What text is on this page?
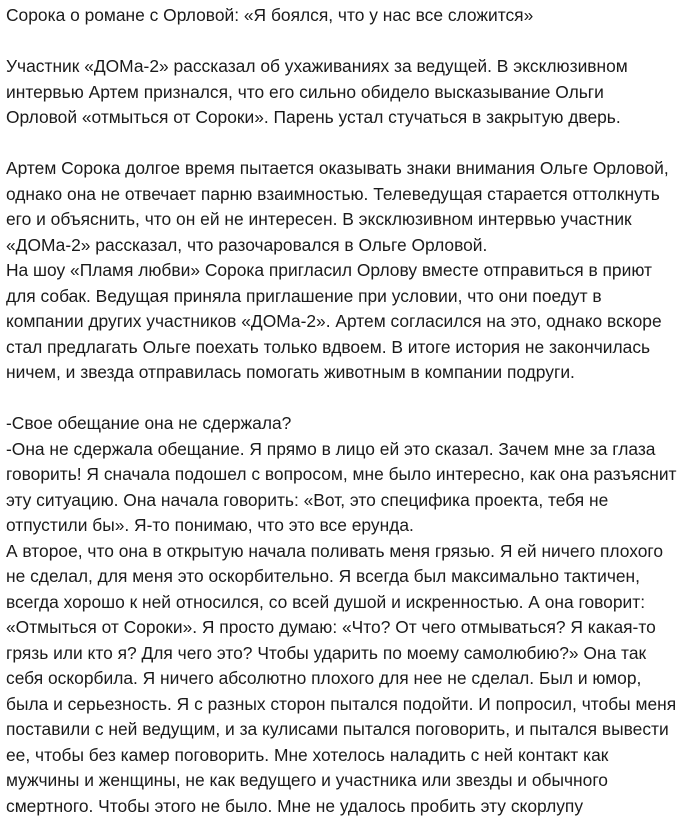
Сорока о романе с Орловой: «Я боялся, что у нас все сложится»
Участник «ДОМа-2» рассказал об ухаживаниях за ведущей. В эксклюзивном
интервью Артем признался, что его сильно обидело высказывание Ольги
Орловой «отмыться от Сороки». Парень устал стучаться в закрытую дверь.
Артем Сорока долгое время пытается оказывать знаки внимания Ольге Орловой,
однако она не отвечает парню взаимностью. Телеведущая старается оттолкнуть
его и объяснить, что он ей не интересен. В эксклюзивном интервью участник
«ДОМа-2» рассказал, что разочаровался в Ольге Орловой.
На шоу «Пламя любви» Сорока пригласил Орлову вместе отправиться в приют
для собак. Ведущая приняла приглашение при условии, что они поедут в
компании других участников «ДОМа-2». Артем согласился на это, однако вскоре
стал предлагать Ольге поехать только вдвоем. В итоге история не закончилась
ничем, и звезда отправилась помогать животным в компании подруги.
-Свое обещание она не сдержала?
-Она не сдержала обещание. Я прямо в лицо ей это сказал. Зачем мне за глаза
говорить! Я сначала подошел с вопросом, мне было интересно, как она разъяснит
эту ситуацию. Она начала говорить: «Вот, это специфика проекта, тебя не
отпустили бы». Я-то понимаю, что это все ерунда.
А второе, что она в открытую начала поливать меня грязью. Я ей ничего плохого
не сделал, для меня это оскорбительно. Я всегда был максимально тактичен,
всегда хорошо к ней относился, со всей душой и искренностью. А она говорит:
«Отмыться от Сороки». Я просто думаю: «Что? От чего отмываться? Я какая-то
грязь или кто я? Для чего это? Чтобы ударить по моему самолюбию?» Она так
себя оскорбила. Я ничего абсолютно плохого для нее не сделал. Был и юмор,
была и серьезность. Я с разных сторон пытался подойти. И попросил, чтобы меня
поставили с ней ведущим, и за кулисами пытался поговорить, и пытался вывести
ее, чтобы без камер поговорить. Мне хотелось наладить с ней контакт как
мужчины и женщины, не как ведущего и участника или звезды и обычного
смертного. Чтобы этого не было. Мне не удалось пробить эту скорлупу
